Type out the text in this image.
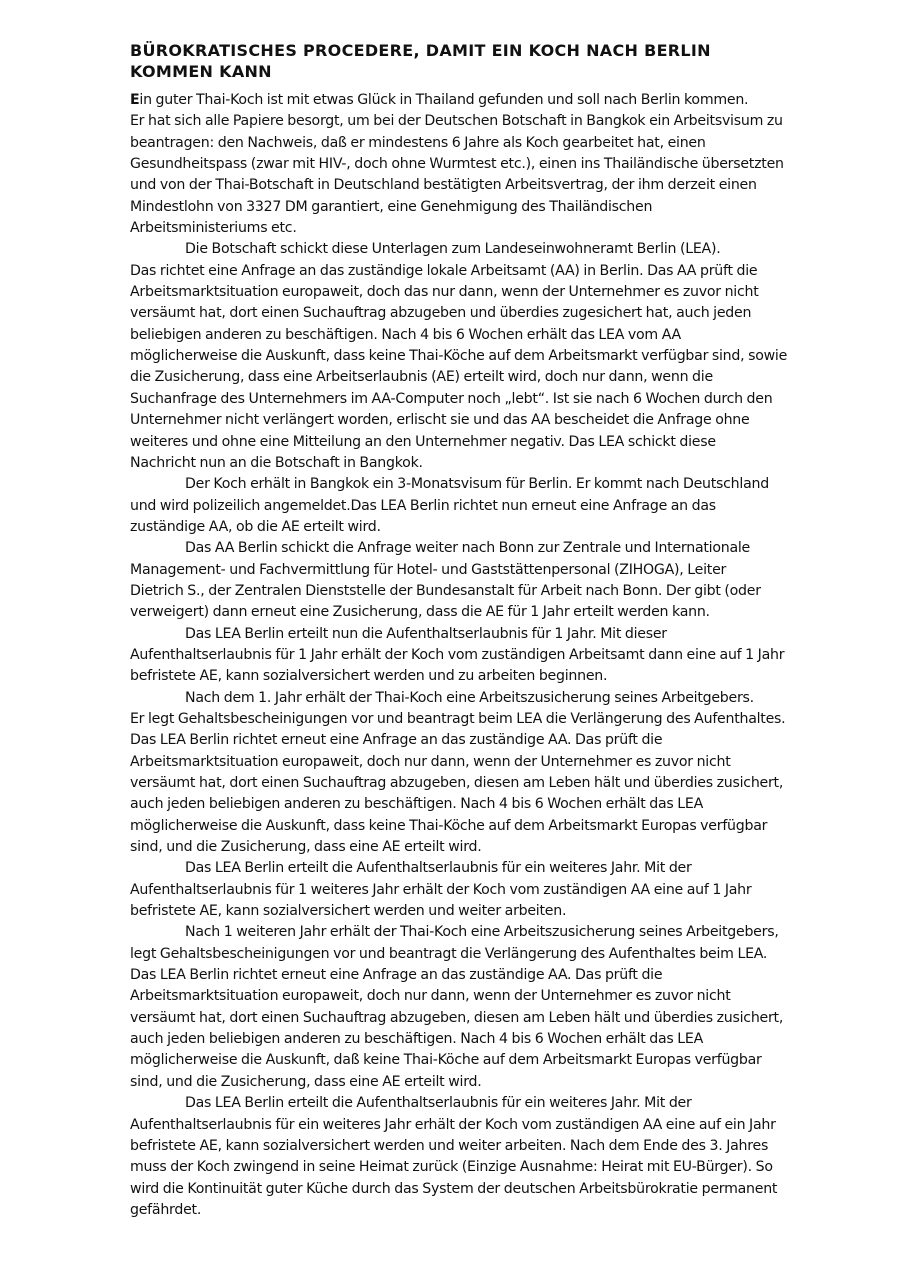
BÜROKRATISCHES PROCEDERE, DAMIT EIN KOCH NACH BERLIN
KOMMEN KANN
Ein guter Thai-Koch ist mit etwas Glück in Thailand gefunden und soll nach Berlin kommen.
Er hat sich alle Papiere besorgt, um bei der Deutschen Botschaft in Bangkok ein Arbeitsvisum zu
beantragen: den Nachweis, daß er mindestens 6 Jahre als Koch gearbeitet hat, einen
Gesundheitspass (zwar mit HIV-, doch ohne Wurmtest etc.), einen ins Thailändische übersetzten
und von der Thai-Botschaft in Deutschland bestätigten Arbeitsvertrag, der ihm derzeit einen
Mindestlohn von 3327 DM garantiert, eine Genehmigung des Thailändischen
Arbeitsministeriums etc.
Die Botschaft schickt diese Unterlagen zum Landeseinwohneramt Berlin (LEA).
Das richtet eine Anfrage an das zuständige lokale Arbeitsamt (AA) in Berlin. Das AA prüft die
Arbeitsmarktsituation europaweit, doch das nur dann, wenn der Unternehmer es zuvor nicht
versäumt hat, dort einen Suchauftrag abzugeben und überdies zugesichert hat, auch jeden
beliebigen anderen zu beschäftigen. Nach 4 bis 6 Wochen erhält das LEA vom AA
möglicherweise die Auskunft, dass keine Thai-Köche auf dem Arbeitsmarkt verfügbar sind, sowie
die Zusicherung, dass eine Arbeitserlaubnis (AE) erteilt wird, doch nur dann, wenn die
Suchanfrage des Unternehmers im AA-Computer noch „lebt“. Ist sie nach 6 Wochen durch den
Unternehmer nicht verlängert worden, erlischt sie und das AA bescheidet die Anfrage ohne
weiteres und ohne eine Mitteilung an den Unternehmer negativ. Das LEA schickt diese
Nachricht nun an die Botschaft in Bangkok.
Der Koch erhält in Bangkok ein 3-Monatsvisum für Berlin. Er kommt nach Deutschland
und wird polizeilich angemeldet.Das LEA Berlin richtet nun erneut eine Anfrage an das
zuständige AA, ob die AE erteilt wird.
Das AA Berlin schickt die Anfrage weiter nach Bonn zur Zentrale und Internationale
Management- und Fachvermittlung für Hotel- und Gaststättenpersonal (ZIHOGA), Leiter
Dietrich S., der Zentralen Dienststelle der Bundesanstalt für Arbeit nach Bonn. Der gibt (oder
verweigert) dann erneut eine Zusicherung, dass die AE für 1 Jahr erteilt werden kann.
Das LEA Berlin erteilt nun die Aufenthaltserlaubnis für 1 Jahr. Mit dieser
Aufenthaltserlaubnis für 1 Jahr erhält der Koch vom zuständigen Arbeitsamt dann eine auf 1 Jahr
befristete AE, kann sozialversichert werden und zu arbeiten beginnen.
Nach dem 1. Jahr erhält der Thai-Koch eine Arbeitszusicherung seines Arbeitgebers.
Er legt Gehaltsbescheinigungen vor und beantragt beim LEA die Verlängerung des Aufenthaltes.
Das LEA Berlin richtet erneut eine Anfrage an das zuständige AA. Das prüft die
Arbeitsmarktsituation europaweit, doch nur dann, wenn der Unternehmer es zuvor nicht
versäumt hat, dort einen Suchauftrag abzugeben, diesen am Leben hält und überdies zusichert,
auch jeden beliebigen anderen zu beschäftigen. Nach 4 bis 6 Wochen erhält das LEA
möglicherweise die Auskunft, dass keine Thai-Köche auf dem Arbeitsmarkt Europas verfügbar
sind, und die Zusicherung, dass eine AE erteilt wird.
Das LEA Berlin erteilt die Aufenthaltserlaubnis für ein weiteres Jahr. Mit der
Aufenthaltserlaubnis für 1 weiteres Jahr erhält der Koch vom zuständigen AA eine auf 1 Jahr
befristete AE, kann sozialversichert werden und weiter arbeiten.
Nach 1 weiteren Jahr erhält der Thai-Koch eine Arbeitszusicherung seines Arbeitgebers,
legt Gehaltsbescheinigungen vor und beantragt die Verlängerung des Aufenthaltes beim LEA.
Das LEA Berlin richtet erneut eine Anfrage an das zuständige AA. Das prüft die
Arbeitsmarktsituation europaweit, doch nur dann, wenn der Unternehmer es zuvor nicht
versäumt hat, dort einen Suchauftrag abzugeben, diesen am Leben hält und überdies zusichert,
auch jeden beliebigen anderen zu beschäftigen. Nach 4 bis 6 Wochen erhält das LEA
möglicherweise die Auskunft, daß keine Thai-Köche auf dem Arbeitsmarkt Europas verfügbar
sind, und die Zusicherung, dass eine AE erteilt wird.
Das LEA Berlin erteilt die Aufenthaltserlaubnis für ein weiteres Jahr. Mit der
Aufenthaltserlaubnis für ein weiteres Jahr erhält der Koch vom zuständigen AA eine auf ein Jahr
befristete AE, kann sozialversichert werden und weiter arbeiten. Nach dem Ende des 3. Jahres
muss der Koch zwingend in seine Heimat zurück (Einzige Ausnahme: Heirat mit EU-Bürger). So
wird die Kontinuität guter Küche durch das System der deutschen Arbeitsbürokratie permanent
gefährdet.
